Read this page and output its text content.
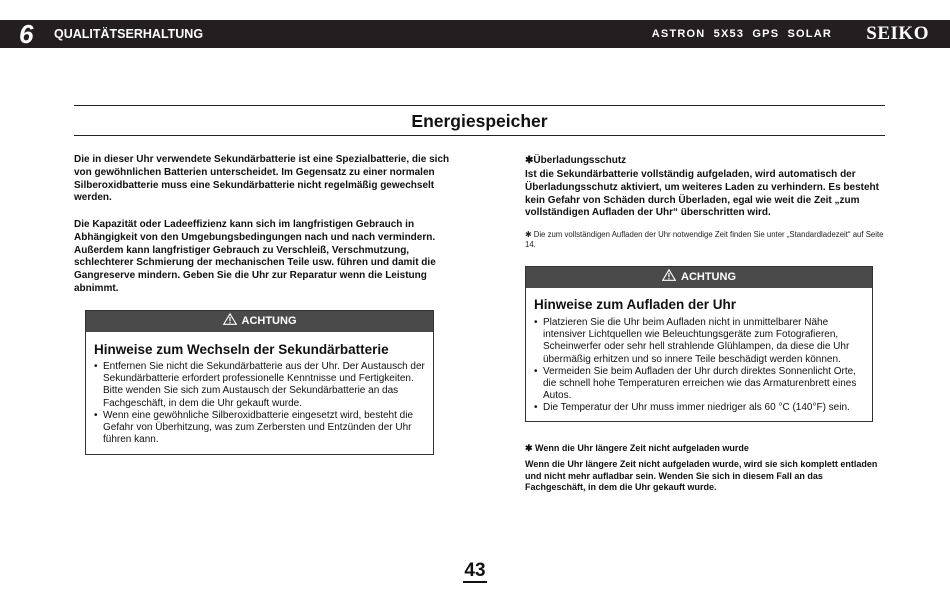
6 QUALITÄTSERHALTUNG	ASTRON 5X53 GPS SOLAR SEIKO
Energiespeicher

Die in dieser Uhr verwendete Sekundärbatterie ist eine Spezialbatterie, die sich von gewöhnlichen Batterien unterscheidet. Im Gegensatz zu einer normalen Silberoxidbatterie muss eine Sekundärbatterie nicht regelmäßig gewechselt werden.

Die Kapazität oder Ladeeffizienz kann sich im langfristigen Gebrauch in Abhängigkeit von den Umgebungsbedingungen nach und nach vermindern. Außerdem kann langfristiger Gebrauch zu Verschleiß, Verschmutzung, schlechterer Schmierung der mechanischen Teile usw. führen und damit die Gangreserve mindern. Geben Sie die Uhr zur Reparatur wenn die Leistung abnimmt.

ACHTUNG
Hinweise zum Wechseln der Sekundärbatterie
• Entfernen Sie nicht die Sekundärbatterie aus der Uhr. Der Austausch der Sekundärbatterie erfordert professionelle Kenntnisse und Fertigkeiten. Bitte wenden Sie sich zum Austausch der Sekundärbatterie an das Fachgeschäft, in dem die Uhr gekauft wurde.
• Wenn eine gewöhnliche Silberoxidbatterie eingesetzt wird, besteht die Gefahr von Überhitzung, was zum Zerbersten und Entzünden der Uhr führen kann.

✱Überladungsschutz

Ist die Sekundärbatterie vollständig aufgeladen, wird automatisch der Überladungsschutz aktiviert, um weiteres Laden zu verhindern. Es besteht kein Gefahr von Schäden durch Überladen, egal wie weit die Zeit „zum vollständigen Aufladen der Uhr“ überschritten wird.

✱ Die zum vollständigen Aufladen der Uhr notwendige Zeit finden Sie unter „Standardladezeit“ auf Seite 14.

ACHTUNG
Hinweise zum Aufladen der Uhr
• Platzieren Sie die Uhr beim Aufladen nicht in unmittelbarer Nähe intensiver Lichtquellen wie Beleuchtungsgeräte zum Fotografieren, Scheinwerfer oder sehr hell strahlende Glühlampen, da diese die Uhr übermäßig erhitzen und so innere Teile beschädigt werden können.
• Vermeiden Sie beim Aufladen der Uhr durch direktes Sonnenlicht Orte, die schnell hohe Temperaturen erreichen wie das Armaturenbrett eines Autos.
• Die Temperatur der Uhr muss immer niedriger als 60 °C (140°F) sein.

✱ Wenn die Uhr längere Zeit nicht aufgeladen wurde

Wenn die Uhr längere Zeit nicht aufgeladen wurde, wird sie sich komplett entladen und nicht mehr aufladbar sein. Wenden Sie sich in diesem Fall an das Fachgeschäft, in dem die Uhr gekauft wurde.

43
